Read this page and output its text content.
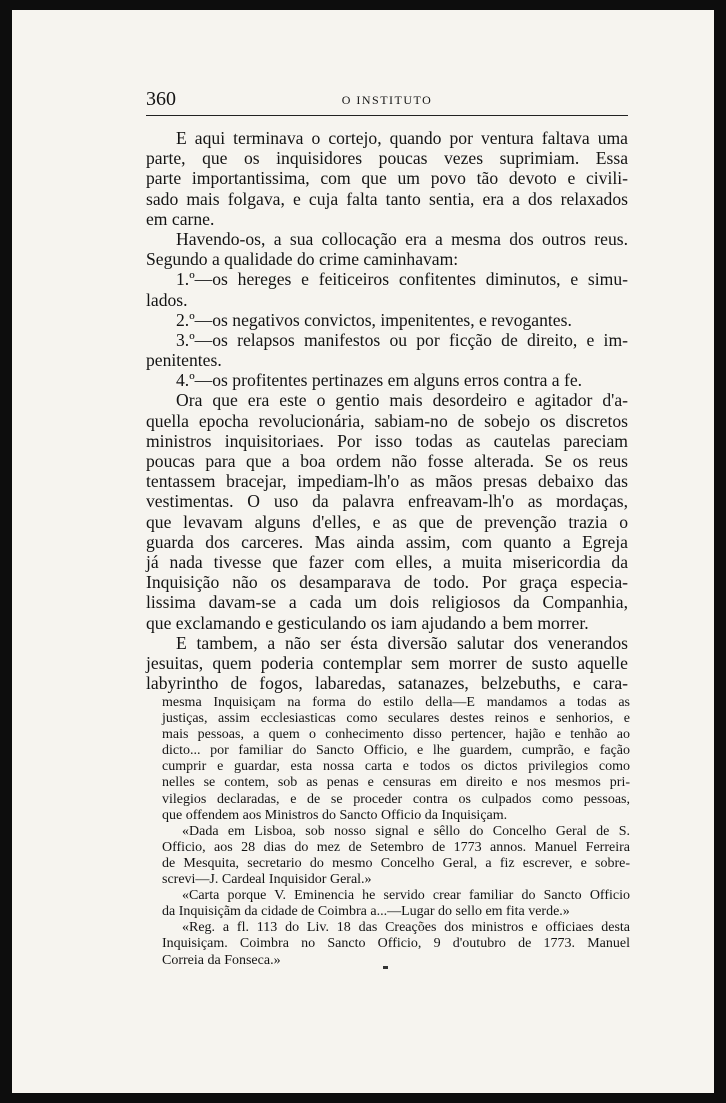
360	O INSTITUTO
E aqui terminava o cortejo, quando por ventura faltava uma
parte, que os inquisidores poucas vezes suprimiam. Essa
parte importantissima, com que um povo tão devoto e civili-
sado mais folgava, e cuja falta tanto sentia, era a dos relaxados
em carne.
Havendo-os, a sua collocação era a mesma dos outros reus.
Segundo a qualidade do crime caminhavam:
1.º—os hereges e feiticeiros confitentes diminutos, e simu-
lados.
2.º—os negativos convictos, impenitentes, e revogantes.
3.º—os relapsos manifestos ou por ficção de direito, e im-
penitentes.
4.º—os profitentes pertinazes em alguns erros contra a fe.
Ora que era este o gentio mais desordeiro e agitador d'a-
quella epocha revolucionária, sabiam-no de sobejo os discretos
ministros inquisitoriaes. Por isso todas as cautelas pareciam
poucas para que a boa ordem não fosse alterada. Se os reus
tentassem bracejar, impediam-lh'o as mãos presas debaixo das
vestimentas. O uso da palavra enfreavam-lh'o as mordaças,
que levavam alguns d'elles, e as que de prevenção trazia o
guarda dos carceres. Mas ainda assim, com quanto a Egreja
já nada tivesse que fazer com elles, a muita misericordia da
Inquisição não os desamparava de todo. Por graça especia-
lissima davam-se a cada um dois religiosos da Companhia,
que exclamando e gesticulando os iam ajudando a bem morrer.
E tambem, a não ser ésta diversão salutar dos venerandos
jesuitas, quem poderia contemplar sem morrer de susto aquelle
labyrintho de fogos, labaredas, satanazes, belzebuths, e cara-
mesma Inquisiçam na forma do estilo della—E mandamos a todas as
justiças, assim ecclesiasticas como seculares destes reinos e senhorios, e
mais pessoas, a quem o conhecimento disso pertencer, hajão e tenhão ao
dicto... por familiar do Sancto Officio, e lhe guardem, cumprão, e fação
cumprir e guardar, esta nossa carta e todos os dictos privilegios como
nelles se contem, sob as penas e censuras em direito e nos mesmos pri-
vilegios declaradas, e de se proceder contra os culpados como pessoas,
que offendem aos Ministros do Sancto Officio da Inquisiçam.
«Dada em Lisboa, sob nosso signal e sêllo do Concelho Geral de S.
Officio, aos 28 dias do mez de Setembro de 1773 annos. Manuel Ferreira
de Mesquita, secretario do mesmo Concelho Geral, a fiz escrever, e sobre-
screvi—J. Cardeal Inquisidor Geral.»
«Carta porque V. Eminencia he servido crear familiar do Sancto Officio
da Inquisiçãm da cidade de Coimbra a...—Lugar do sello em fita verde.»
«Reg. a fl. 113 do Liv. 18 das Creações dos ministros e officiaes desta
Inquisiçam. Coimbra no Sancto Officio, 9 d'outubro de 1773. Manuel
Correia da Fonseca.»
